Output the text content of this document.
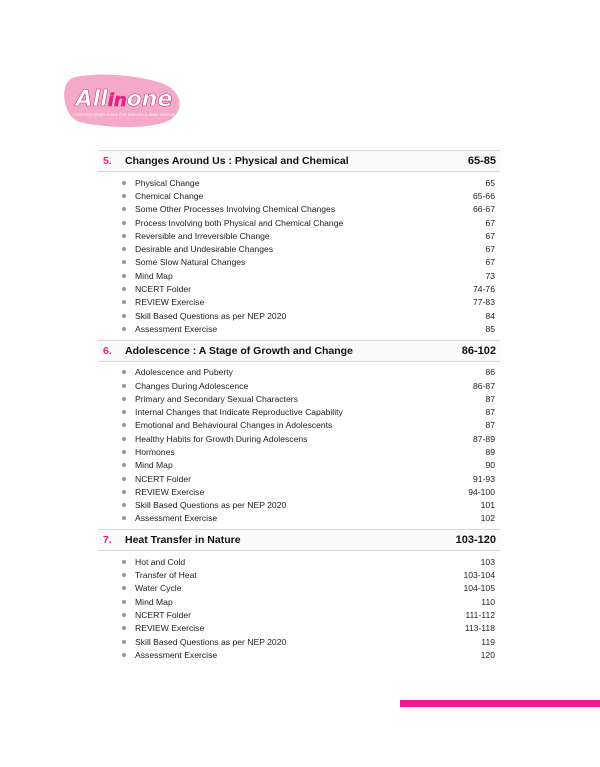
Allinone
COMPLETE STUDY GUIDE FOR ENGLISH & HINDI MEDIUM
5.	Changes Around Us : Physical and Chemical	65-85
Physical Change	65
Chemical Change	65-66
Some Other Processes Involving Chemical Changes	66-67
Process Involving both Physical and Chemical Change	67
Reversible and Irreversible Change	67
Desirable and Undesirable Changes	67
Some Slow Natural Changes	67
Mind Map	73
NCERT Folder	74-76
REVIEW Exercise	77-83
Skill Based Questions as per NEP 2020	84
Assessment Exercise	85
6.	Adolescence : A Stage of Growth and Change	86-102
Adolescence and Puberty	86
Changes During Adolescence	86-87
Primary and Secondary Sexual Characters	87
Internal Changes that Indicate Reproductive Capability	87
Emotional and Behavioural Changes in Adolescents	87
Healthy Habits for Growth During Adolescens	87-89
Hormones	89
Mind Map	90
NCERT Folder	91-93
REVIEW Exercise	94-100
Skill Based Questions as per NEP 2020	101
Assessment Exercise	102
7.	Heat Transfer in Nature	103-120
Hot and Cold	103
Transfer of Heat	103-104
Water Cycle	104-105
Mind Map	110
NCERT Folder	111-112
REVIEW Exercise	113-118
Skill Based Questions as per NEP 2020	119
Assessment Exercise	120
